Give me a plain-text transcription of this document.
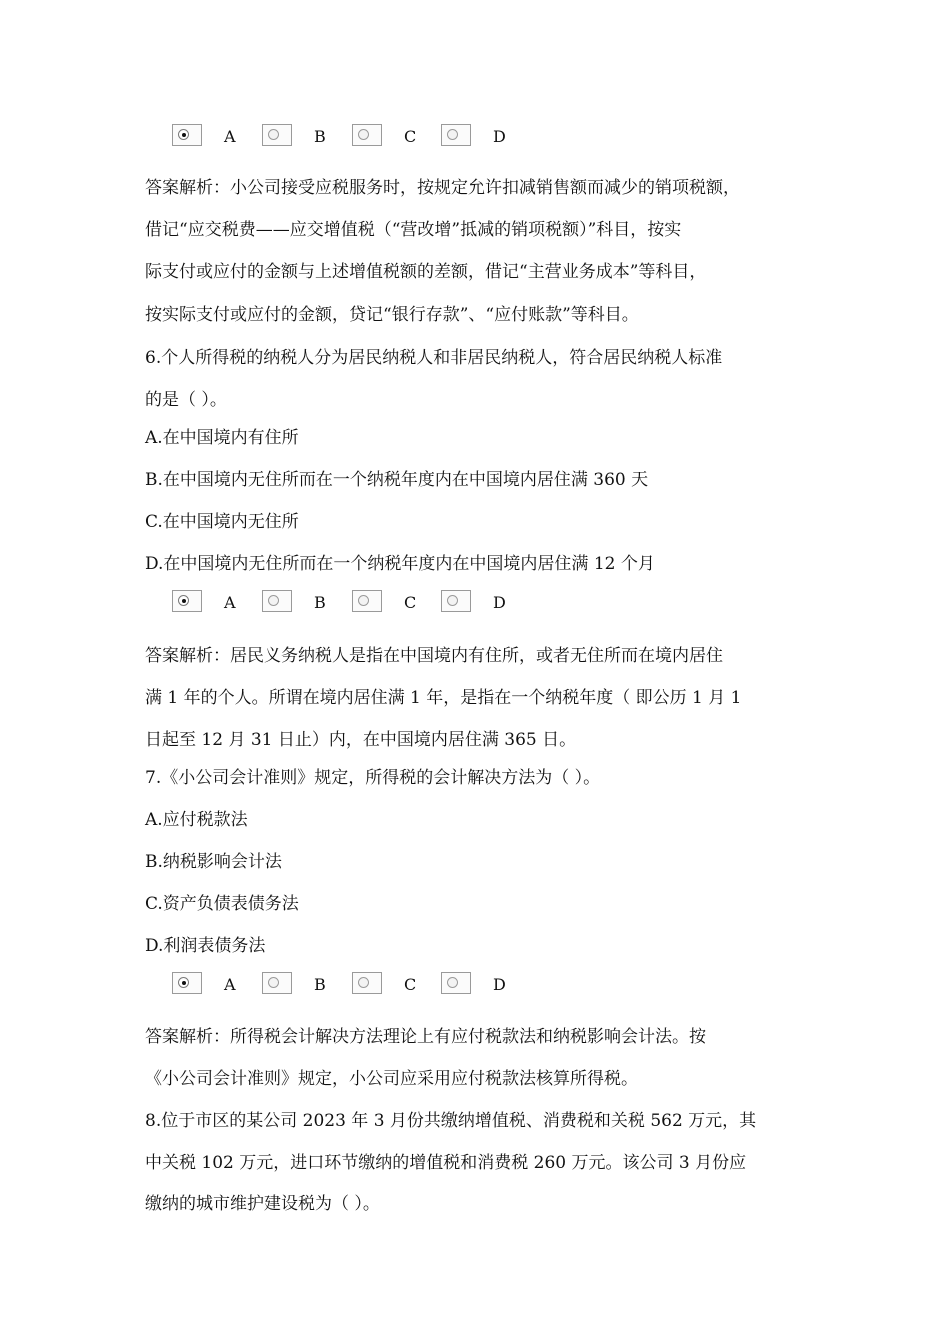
A	B	C	D
答案解析：小公司接受应税服务时，按规定允许扣减销售额而减少的销项税额，
借记“应交税费——应交增值税（“营改增”抵减的销项税额）”科目，按实
际支付或应付的金额与上述增值税额的差额，借记“主营业务成本”等科目，
按实际支付或应付的金额，贷记“银行存款”、“应付账款”等科目。
6.个人所得税的纳税人分为居民纳税人和非居民纳税人，符合居民纳税人标准
的是（ ）。
A.在中国境内有住所
B.在中国境内无住所而在一个纳税年度内在中国境内居住满 360 天
C.在中国境内无住所
D.在中国境内无住所而在一个纳税年度内在中国境内居住满 12 个月
A	B	C	D
答案解析：居民义务纳税人是指在中国境内有住所，或者无住所而在境内居住
满 1 年的个人。所谓在境内居住满 1 年，是指在一个纳税年度（ 即公历 1 月 1
日起至 12 月 31 日止）内，在中国境内居住满 365 日。
7.《小公司会计准则》规定，所得税的会计解决方法为（ ）。
A.应付税款法
B.纳税影响会计法
C.资产负债表债务法
D.利润表债务法
A	B	C	D
答案解析：所得税会计解决方法理论上有应付税款法和纳税影响会计法。按
《小公司会计准则》规定，小公司应采用应付税款法核算所得税。
8.位于市区的某公司 2023 年 3 月份共缴纳增值税、消费税和关税 562 万元，其
中关税 102 万元，进口环节缴纳的增值税和消费税 260 万元。该公司 3 月份应
缴纳的城市维护建设税为（ ）。
